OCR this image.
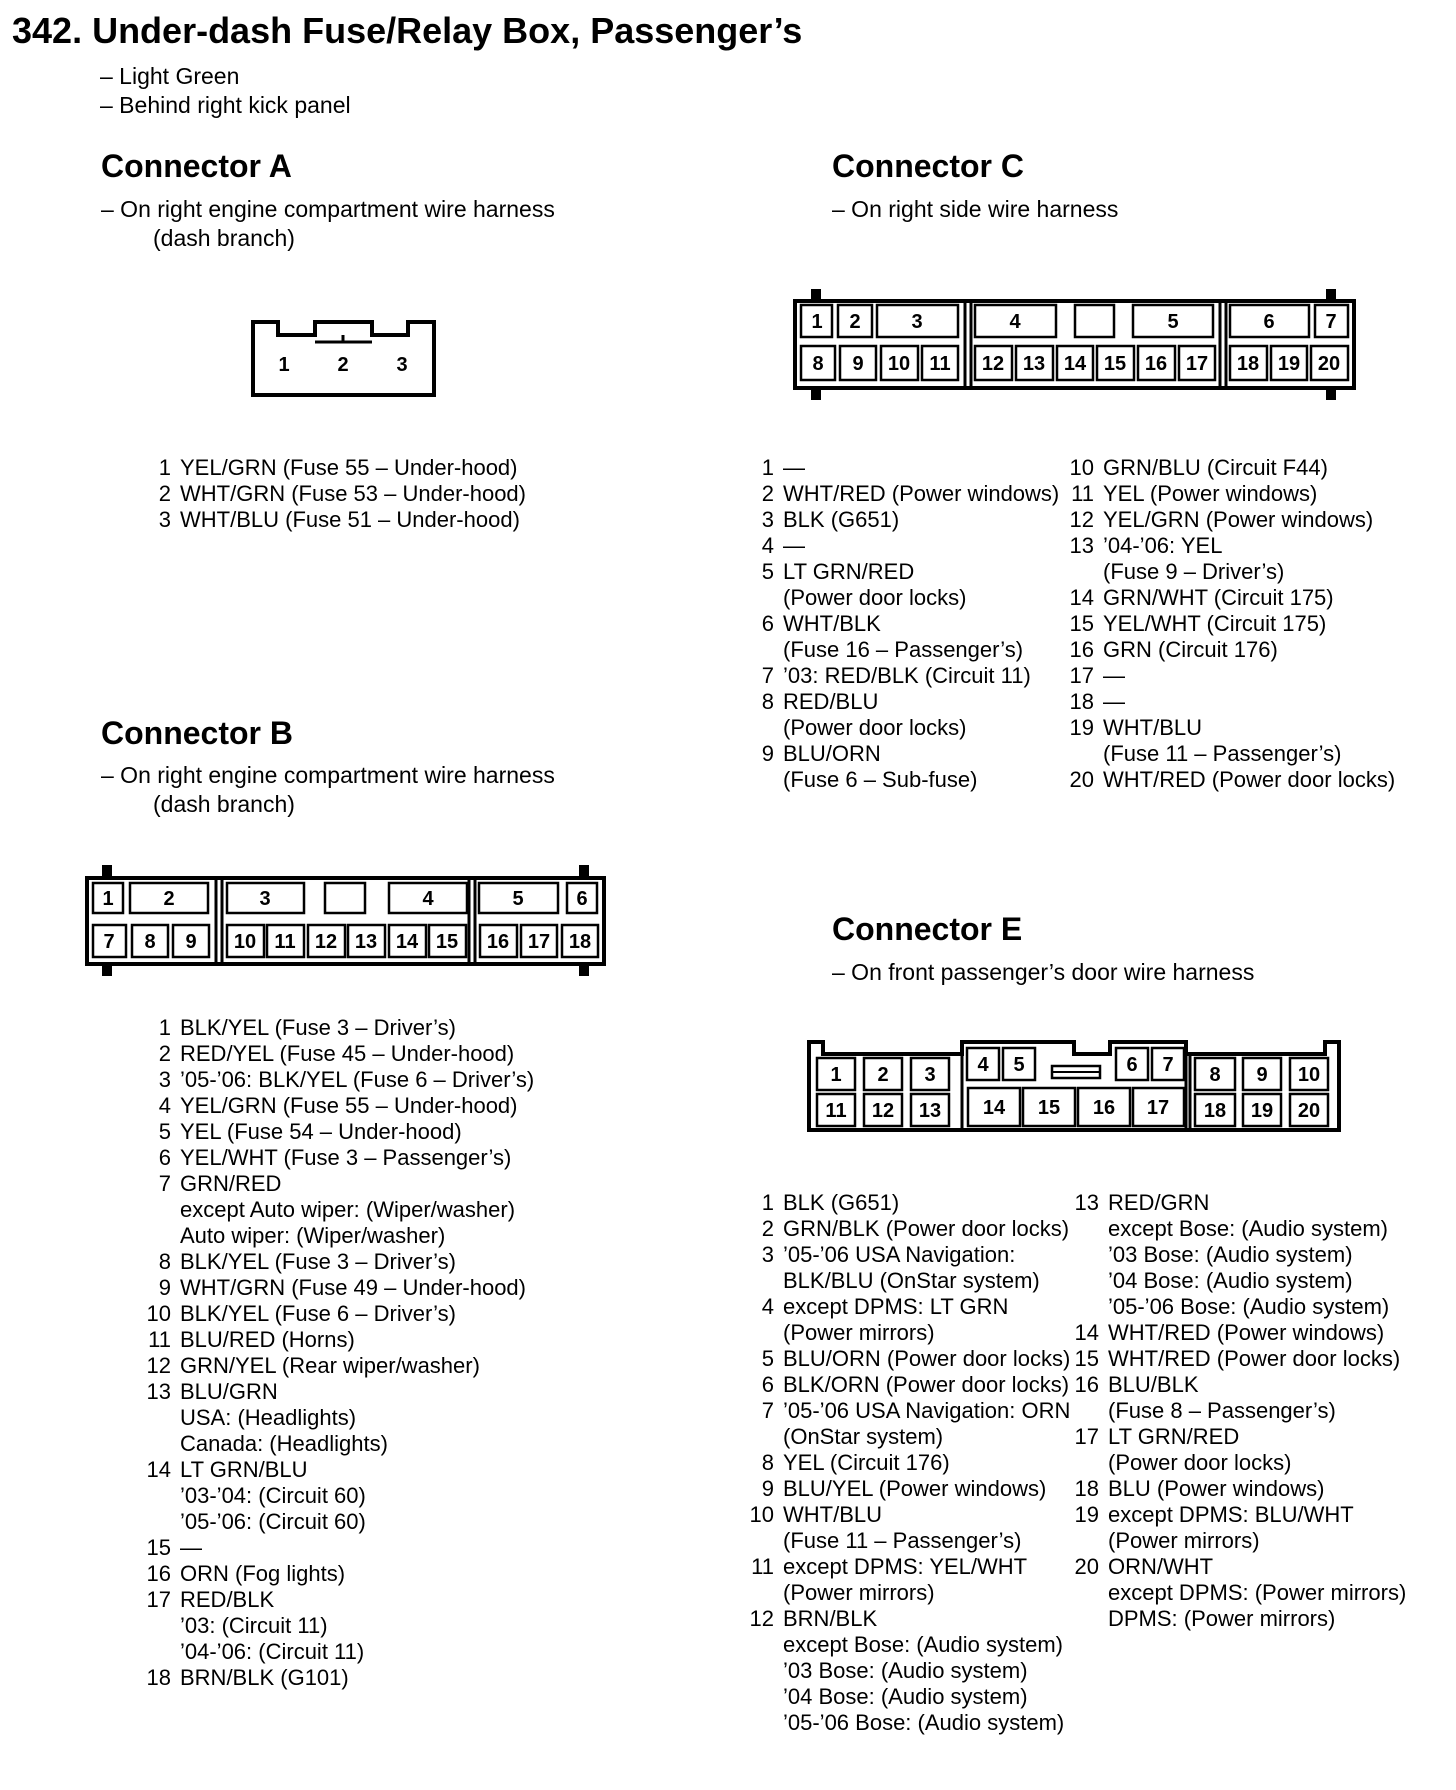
342. Under-dash Fuse/Relay Box, Passenger’s
– Light Green
– Behind right kick panel
Connector A
– On right engine compartment wire harness
(dash branch)
1 2 3
1 YEL/GRN (Fuse 55 – Under-hood)
2 WHT/GRN (Fuse 53 – Under-hood)
3 WHT/BLU (Fuse 51 – Under-hood)
Connector B
– On right engine compartment wire harness
(dash branch)
1 2	3	4	5	6
7 8 9 10 11 12 13 14 15 16 17 18
1 BLK/YEL (Fuse 3 – Driver’s)
2 RED/YEL (Fuse 45 – Under-hood)
3 ’05-’06: BLK/YEL (Fuse 6 – Driver’s)
4 YEL/GRN (Fuse 55 – Under-hood)
5 YEL (Fuse 54 – Under-hood)
6 YEL/WHT (Fuse 3 – Passenger’s)
7 GRN/RED
except Auto wiper: (Wiper/washer)
Auto wiper: (Wiper/washer)
8 BLK/YEL (Fuse 3 – Driver’s)
9 WHT/GRN (Fuse 49 – Under-hood)
10 BLK/YEL (Fuse 6 – Driver’s)
11 BLU/RED (Horns)
12 GRN/YEL (Rear wiper/washer)
13 BLU/GRN
USA: (Headlights)
Canada: (Headlights)
14 LT GRN/BLU
’03-’04: (Circuit 60)
’05-’06: (Circuit 60)
15 —
16 ORN (Fog lights)
17 RED/BLK
’03: (Circuit 11)
’04-’06: (Circuit 11)
18 BRN/BLK (G101)
Connector C
– On right side wire harness
1 2	3	4	5	6	7
8 9 10 11 12 13 14 15 16 17 18 19 20
1 —
2 WHT/RED (Power windows)
3 BLK (G651)
4 —
5 LT GRN/RED
(Power door locks)
6 WHT/BLK
(Fuse 16 – Passenger’s)
7 ’03: RED/BLK (Circuit 11)
8 RED/BLU
(Power door locks)
9 BLU/ORN
(Fuse 6 – Sub-fuse)
10 GRN/BLU (Circuit F44)
11 YEL (Power windows)
12 YEL/GRN (Power windows)
13 ’04-’06: YEL
(Fuse 9 – Driver’s)
14 GRN/WHT (Circuit 175)
15 YEL/WHT (Circuit 175)
16 GRN (Circuit 176)
17 —
18 —
19 WHT/BLU
(Fuse 11 – Passenger’s)
20 WHT/RED (Power door locks)
Connector E
– On front passenger’s door wire harness
1 2 3 4 5	6 7 8 9 10
11 12 13 14 15 16 17 18 19 20
1 BLK (G651)
2 GRN/BLK (Power door locks)
3 ’05-’06 USA Navigation:
BLK/BLU (OnStar system)
4 except DPMS: LT GRN
(Power mirrors)
5 BLU/ORN (Power door locks)
6 BLK/ORN (Power door locks)
7 ’05-’06 USA Navigation: ORN
(OnStar system)
8 YEL (Circuit 176)
9 BLU/YEL (Power windows)
10 WHT/BLU
(Fuse 11 – Passenger’s)
11 except DPMS: YEL/WHT
(Power mirrors)
12 BRN/BLK
except Bose: (Audio system)
’03 Bose: (Audio system)
’04 Bose: (Audio system)
’05-’06 Bose: (Audio system)
13 RED/GRN
except Bose: (Audio system)
’03 Bose: (Audio system)
’04 Bose: (Audio system)
’05-’06 Bose: (Audio system)
14 WHT/RED (Power windows)
15 WHT/RED (Power door locks)
16 BLU/BLK
(Fuse 8 – Passenger’s)
17 LT GRN/RED
(Power door locks)
18 BLU (Power windows)
19 except DPMS: BLU/WHT
(Power mirrors)
20 ORN/WHT
except DPMS: (Power mirrors)
DPMS: (Power mirrors)
